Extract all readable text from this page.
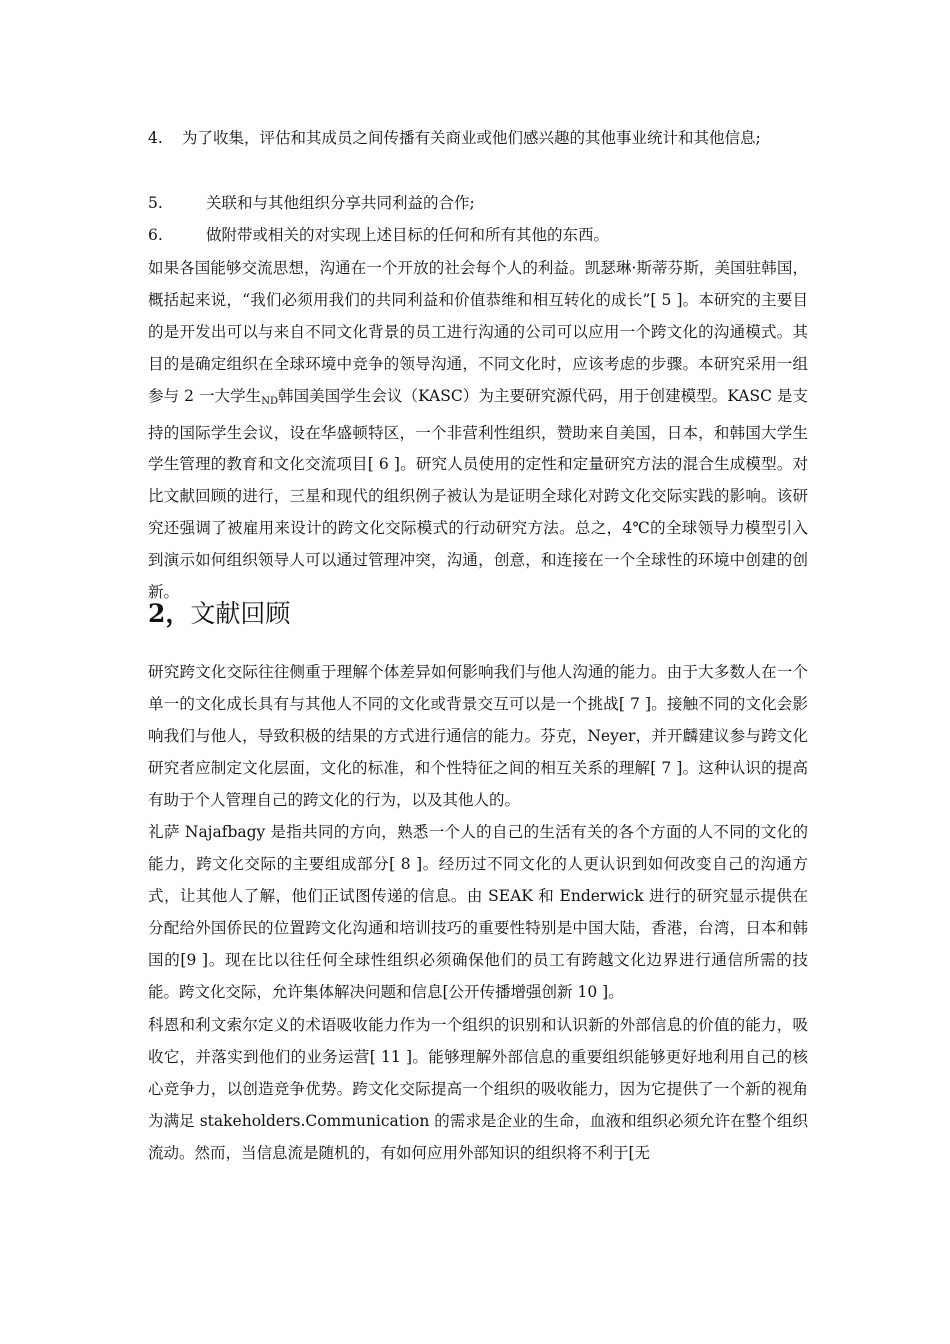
4.	为了收集，评估和其成员之间传播有关商业或他们感兴趣的其他事业统计和其他信息;
5.	关联和与其他组织分享共同利益的合作;
6.	做附带或相关的对实现上述目标的任何和所有其他的东西。

如果各国能够交流思想，沟通在一个开放的社会每个人的利益。凯瑟琳·斯蒂芬斯，美国驻韩国，概括起来说，“我们必须用我们的共同利益和价值恭维和相互转化的成长”[ 5 ]。本研究的主要目的是开发出可以与来自不同文化背景的员工进行沟通的公司可以应用一个跨文化的沟通模式。其目的是确定组织在全球环境中竞争的领导沟通，不同文化时，应该考虑的步骤。本研究采用一组参与 2 一大学生$_{ND}$韩国美国学生会议（KASC）为主要研究源代码，用于创建模型。KASC 是支持的国际学生会议，设在华盛顿特区，一个非营利性组织，赞助来自美国，日本，和韩国大学生学生管理的教育和文化交流项目[ 6 ]。研究人员使用的定性和定量研究方法的混合生成模型。对比文献回顾的进行，三星和现代的组织例子被认为是证明全球化对跨文化交际实践的影响。该研究还强调了被雇用来设计的跨文化交际模式的行动研究方法。总之，4℃的全球领导力模型引入到演示如何组织领导人可以通过管理冲突，沟通，创意，和连接在一个全球性的环境中创建的创新。

2，文献回顾

研究跨文化交际往往侧重于理解个体差异如何影响我们与他人沟通的能力。由于大多数人在一个单一的文化成长具有与其他人不同的文化或背景交互可以是一个挑战[ 7 ]。接触不同的文化会影响我们与他人，导致积极的结果的方式进行通信的能力。芬克，Neyer，并开麟建议参与跨文化研究者应制定文化层面，文化的标准，和个性特征之间的相互关系的理解[ 7 ]。这种认识的提高有助于个人管理自己的跨文化的行为，以及其他人的。

礼萨 Najafbagy 是指共同的方向，熟悉一个人的自己的生活有关的各个方面的人不同的文化的能力，跨文化交际的主要组成部分[ 8 ]。经历过不同文化的人更认识到如何改变自己的沟通方式，让其他人了解，他们正试图传递的信息。由 SEAK 和 Enderwick 进行的研究显示提供在分配给外国侨民的位置跨文化沟通和培训技巧的重要性特别是中国大陆，香港，台湾，日本和韩国的[9 ]。现在比以往任何全球性组织必须确保他们的员工有跨越文化边界进行通信所需的技能。跨文化交际，允许集体解决问题和信息[公开传播增强创新 10 ]。

科恩和利文索尔定义的术语吸收能力作为一个组织的识别和认识新的外部信息的价值的能力，吸收它，并落实到他们的业务运营[ 11 ]。能够理解外部信息的重要组织能够更好地利用自己的核心竞争力，以创造竞争优势。跨文化交际提高一个组织的吸收能力，因为它提供了一个新的视角为满足 stakeholders.Communication 的需求是企业的生命，血液和组织必须允许在整个组织流动。然而，当信息流是随机的，有如何应用外部知识的组织将不利于[无
